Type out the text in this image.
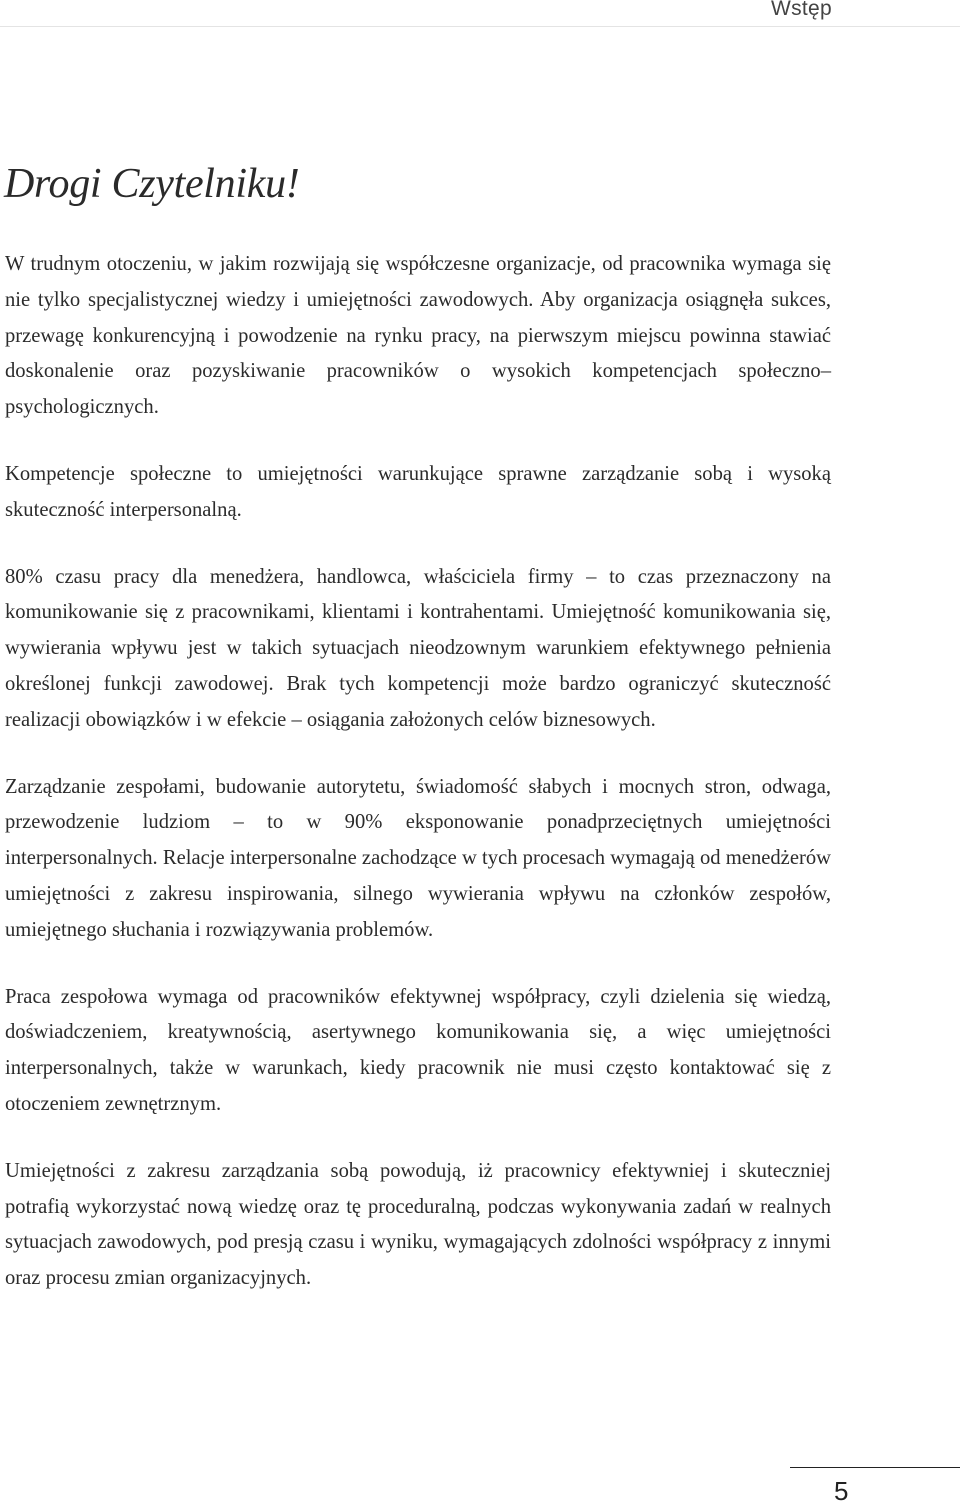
Wstęp
Drogi Czytelniku!

W trudnym otoczeniu, w jakim rozwijają się współczesne organizacje, od pracownika wymaga się nie tylko specjalistycznej wiedzy i umiejętności zawodowych. Aby organizacja osiągnęła sukces, przewagę konkurencyjną i powodzenie na rynku pracy, na pierwszym miejscu powinna stawiać doskonalenie oraz pozyskiwanie pracowników o wysokich kompetencjach społeczno–psychologicznych.

Kompetencje społeczne to umiejętności warunkujące sprawne zarządzanie sobą i wysoką skuteczność interpersonalną.

80% czasu pracy dla menedżera, handlowca, właściciela firmy – to czas przeznaczony na komunikowanie się z pracownikami, klientami i kontrahentami. Umiejętność komunikowania się, wywierania wpływu jest w takich sytuacjach nieodzownym warunkiem efektywnego pełnienia określonej funkcji zawodowej. Brak tych kompetencji może bardzo ograniczyć skuteczność realizacji obowiązków i w efekcie – osiągania założonych celów biznesowych.

Zarządzanie zespołami, budowanie autorytetu, świadomość słabych i mocnych stron, odwaga, przewodzenie ludziom – to w 90% eksponowanie ponadprzeciętnych umiejętności interpersonalnych. Relacje interpersonalne zachodzące w tych procesach wymagają od menedżerów umiejętności z zakresu inspirowania, silnego wywierania wpływu na członków zespołów, umiejętnego słuchania i rozwiązywania problemów.

Praca zespołowa wymaga od pracowników efektywnej współpracy, czyli dzielenia się wiedzą, doświadczeniem, kreatywnością, asertywnego komunikowania się, a więc umiejętności interpersonalnych, także w warunkach, kiedy pracownik nie musi często kontaktować się z otoczeniem zewnętrznym.

Umiejętności z zakresu zarządzania sobą powodują, iż pracownicy efektywniej i skuteczniej potrafią wykorzystać nową wiedzę oraz tę proceduralną, podczas wykonywania zadań w realnych sytuacjach zawodowych, pod presją czasu i wyniku, wymagających zdolności współpracy z innymi oraz procesu zmian organizacyjnych.

5
